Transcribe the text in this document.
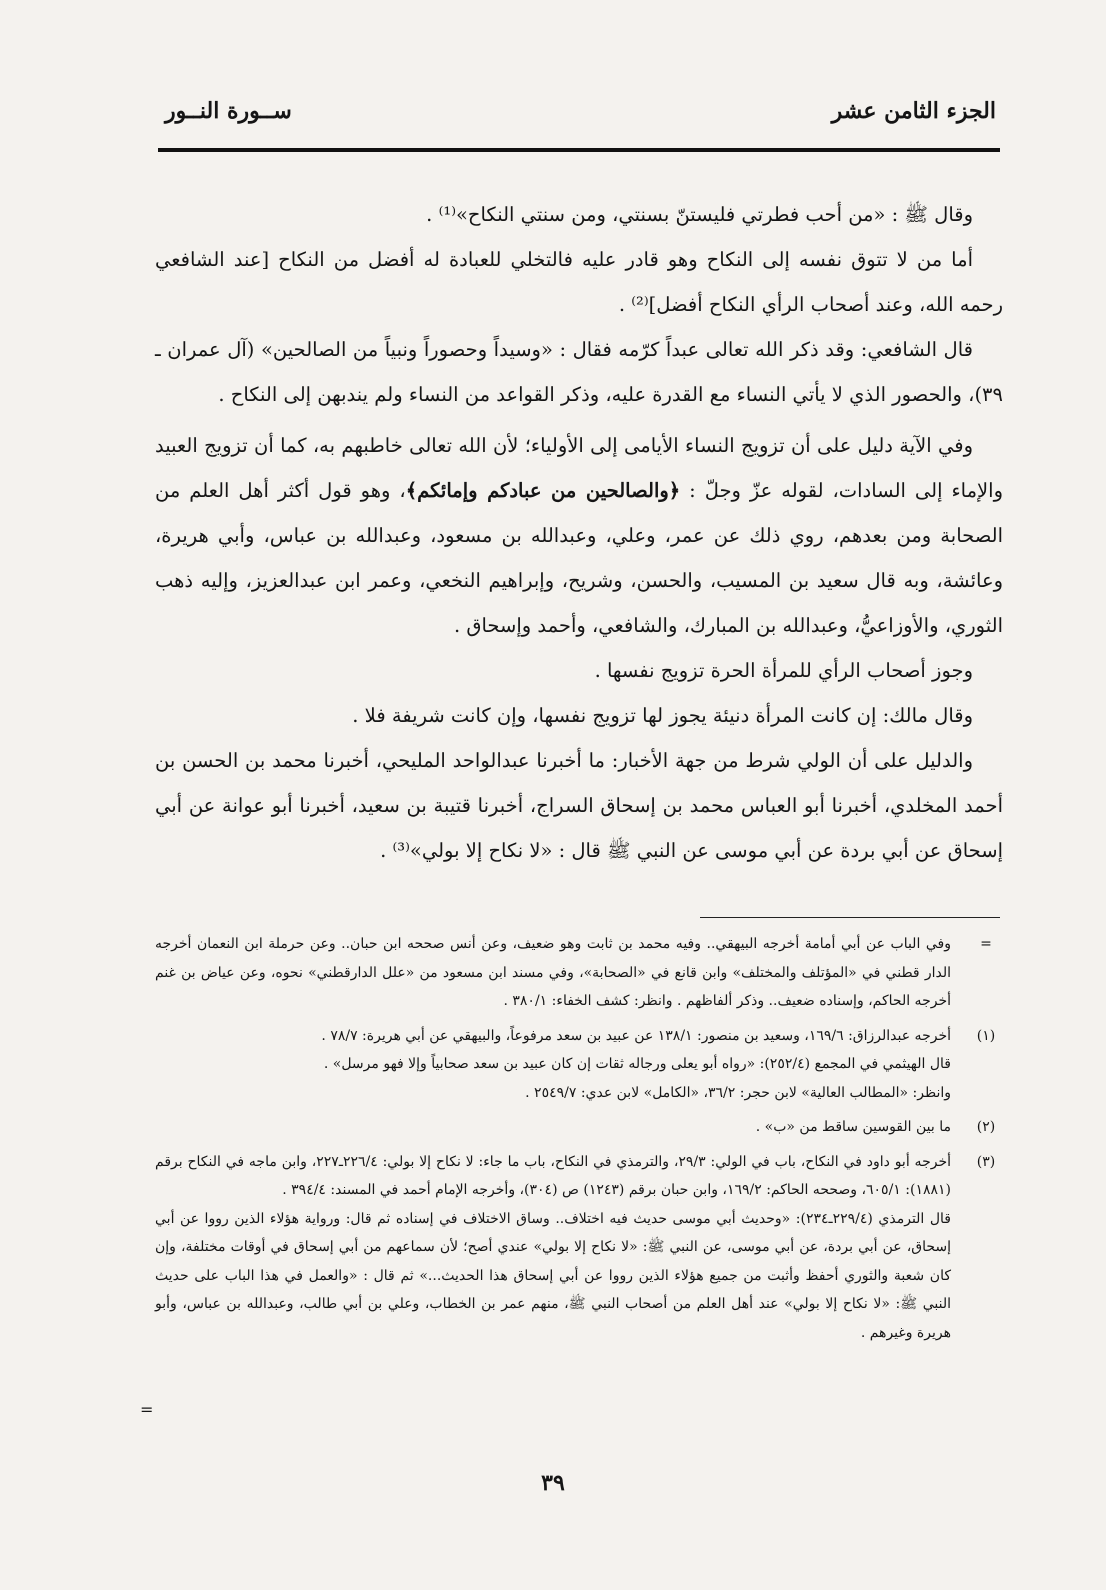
الجزء الثامن عشر
ســورة النــور

وقال ﷺ : «من أحب فطرتي فليستنّ بسنتي، ومن سنتي النكاح»⁽¹⁾ .

أما من لا تتوق نفسه إلى النكاح وهو قادر عليه فالتخلي للعبادة له أفضل من النكاح [عند الشافعي رحمه الله، وعند أصحاب الرأي النكاح أفضل]⁽²⁾ .

قال الشافعي: وقد ذكر الله تعالى عبداً كرّمه فقال : «وسيداً وحصوراً ونبياً من الصالحين» (آل عمران ـ ٣٩)، والحصور الذي لا يأتي النساء مع القدرة عليه، وذكر القواعد من النساء ولم يندبهن إلى النكاح .

وفي الآية دليل على أن تزويج النساء الأيامى إلى الأولياء؛ لأن الله تعالى خاطبهم به، كما أن تزويج العبيد والإماء إلى السادات، لقوله عزّ وجلّ : ﴿والصالحين من عبادكم وإمائكم﴾، وهو قول أكثر أهل العلم من الصحابة ومن بعدهم، روي ذلك عن عمر، وعلي، وعبدالله بن مسعود، وعبدالله بن عباس، وأبي هريرة، وعائشة، وبه قال سعيد بن المسيب، والحسن، وشريح، وإبراهيم النخعي، وعمر ابن عبدالعزيز، وإليه ذهب الثوري، والأوزاعيُّ، وعبدالله بن المبارك، والشافعي، وأحمد وإسحاق .

وجوز أصحاب الرأي للمرأة الحرة تزويج نفسها .

وقال مالك: إن كانت المرأة دنيئة يجوز لها تزويج نفسها، وإن كانت شريفة فلا .

والدليل على أن الولي شرط من جهة الأخبار: ما أخبرنا عبدالواحد المليحي، أخبرنا محمد بن الحسن بن أحمد المخلدي، أخبرنا أبو العباس محمد بن إسحاق السراج، أخبرنا قتيبة بن سعيد، أخبرنا أبو عوانة عن أبي إسحاق عن أبي بردة عن أبي موسى عن النبي ﷺ قال : «لا نكاح إلا بولي»⁽³⁾ .

=

وفي الباب عن أبي أمامة أخرجه البيهقي.. وفيه محمد بن ثابت وهو ضعيف، وعن أنس صححه ابن حبان.. وعن حرملة ابن النعمان أخرجه الدار قطني في «المؤتلف والمختلف» وابن قانع في «الصحابة»، وفي مسند ابن مسعود من «علل الدارقطني» نحوه، وعن عياض بن غنم أخرجه الحاكم، وإسناده ضعيف.. وذكر ألفاظهم . وانظر: كشف الخفاء: ٣٨٠/١ .

(١)

أخرجه عبدالرزاق: ١٦٩/٦، وسعيد بن منصور: ١٣٨/١ عن عبيد بن سعد مرفوعاً، والبيهقي عن أبي هريرة: ٧٨/٧ .

قال الهيثمي في المجمع (٢٥٢/٤): «رواه أبو يعلى ورجاله ثقات إن كان عبيد بن سعد صحابياً وإلا فهو مرسل» .

وانظر: «المطالب العالية» لابن حجر: ٣٦/٢، «الكامل» لابن عدي: ٢٥٤٩/٧ .

(٢)

ما بين القوسين ساقط من «ب» .

(٣)

أخرجه أبو داود في النكاح، باب في الولي: ٢٩/٣، والترمذي في النكاح، باب ما جاء: لا نكاح إلا بولي: ٢٢٦/٤ـ٢٢٧، وابن ماجه في النكاح برقم (١٨٨١): ٦٠٥/١، وصححه الحاكم: ١٦٩/٢، وابن حبان برقم (١٢٤٣) ص (٣٠٤)، وأخرجه الإمام أحمد في المسند: ٣٩٤/٤ .

قال الترمذي (٢٢٩/٤ـ٢٣٤): «وحديث أبي موسى حديث فيه اختلاف.. وساق الاختلاف في إسناده ثم قال: ورواية هؤلاء الذين رووا عن أبي إسحاق، عن أبي بردة، عن أبي موسى، عن النبي ﷺ: «لا نكاح إلا بولي» عندي أصح؛ لأن سماعهم من أبي إسحاق في أوقات مختلفة، وإن كان شعبة والثوري أحفظ وأثبت من جميع هؤلاء الذين رووا عن أبي إسحاق هذا الحديث...» ثم قال : «والعمل في هذا الباب على حديث النبي ﷺ: «لا نكاح إلا بولي» عند أهل العلم من أصحاب النبي ﷺ، منهم عمر بن الخطاب، وعلي بن أبي طالب، وعبدالله بن عباس، وأبو هريرة وغيرهم .

=
٣٩
